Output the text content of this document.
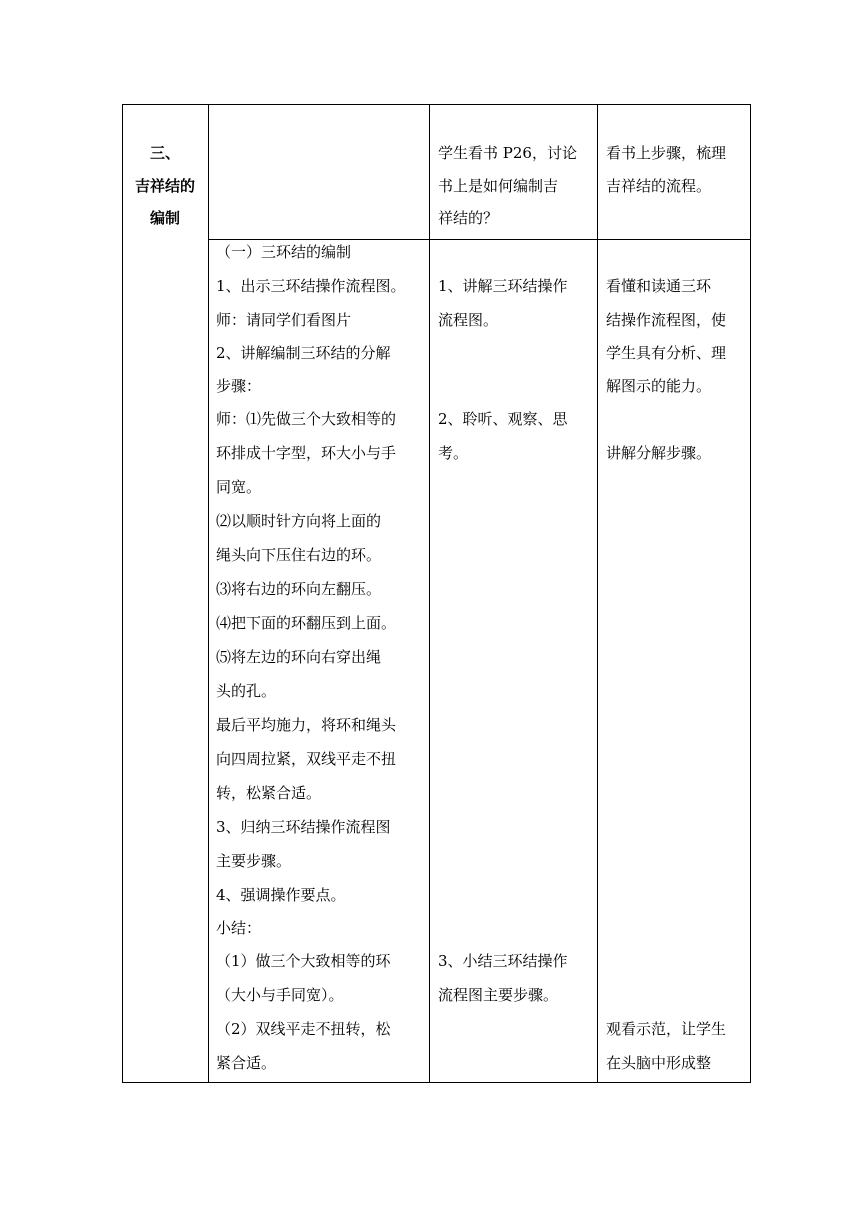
三、
吉祥结的
编制
学生看书 P26，讨论
书上是如何编制吉
祥结的？
看书上步骤，梳理
吉祥结的流程。
（一）三环结的编制
1、出示三环结操作流程图。
师：请同学们看图片
2、讲解编制三环结的分解
步骤：
师：⑴先做三个大致相等的
环排成十字型，环大小与手
同宽。
⑵以顺时针方向将上面的
绳头向下压住右边的环。
⑶将右边的环向左翻压。
⑷把下面的环翻压到上面。
⑸将左边的环向右穿出绳
头的孔。
最后平均施力，将环和绳头
向四周拉紧，双线平走不扭
转，松紧合适。
3、归纳三环结操作流程图
主要步骤。
4、强调操作要点。
小结：
（1）做三个大致相等的环
（大小与手同宽）。
（2）双线平走不扭转，松
紧合适。
1、讲解三环结操作
流程图。
2、聆听、观察、思
考。
3、小结三环结操作
流程图主要步骤。
看懂和读通三环
结操作流程图，使
学生具有分析、理
解图示的能力。
讲解分解步骤。
观看示范，让学生
在头脑中形成整
